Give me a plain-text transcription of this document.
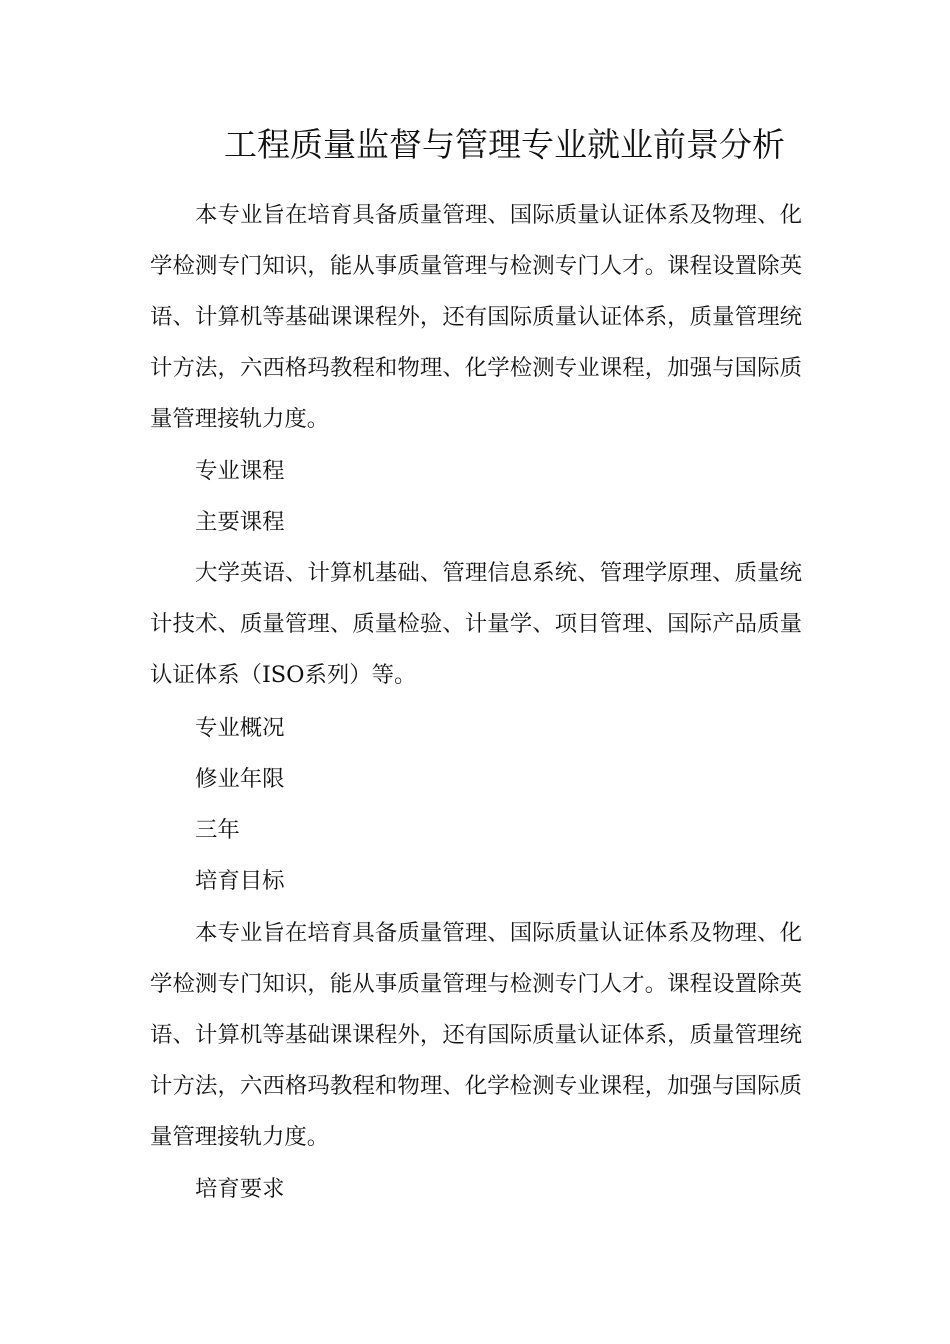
工程质量监督与管理专业就业前景分析

本专业旨在培育具备质量管理、国际质量认证体系及物理、化学检测专门知识，能从事质量管理与检测专门人才。课程设置除英语、计算机等基础课课程外，还有国际质量认证体系，质量管理统计方法，六西格玛教程和物理、化学检测专业课程，加强与国际质量管理接轨力度。

专业课程

主要课程

大学英语、计算机基础、管理信息系统、管理学原理、质量统计技术、质量管理、质量检验、计量学、项目管理、国际产品质量认证体系（ISO系列）等。

专业概况

修业年限

三年

培育目标

本专业旨在培育具备质量管理、国际质量认证体系及物理、化学检测专门知识，能从事质量管理与检测专门人才。课程设置除英语、计算机等基础课课程外，还有国际质量认证体系，质量管理统计方法，六西格玛教程和物理、化学检测专业课程，加强与国际质量管理接轨力度。

培育要求
